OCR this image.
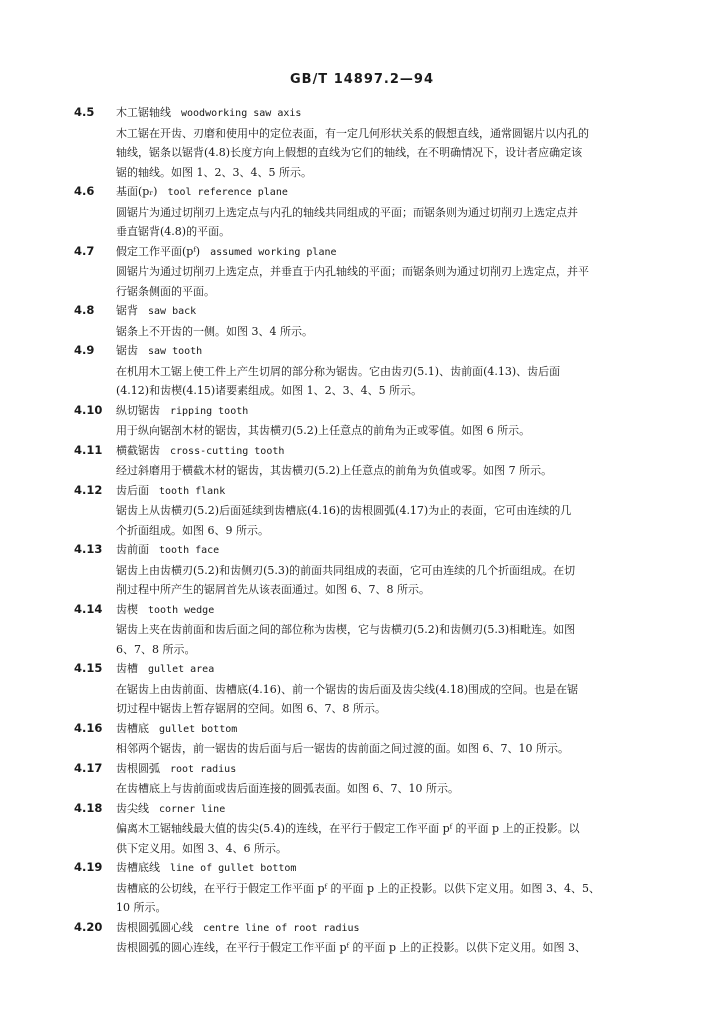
GB/T 14897.2—94
4.5	木工锯轴线 woodworking saw axis
木工锯在开齿、刃磨和使用中的定位表面，有一定几何形状关系的假想直线，通常圆锯片以内孔的
轴线，锯条以锯背(4.8)长度方向上假想的直线为它们的轴线，在不明确情况下，设计者应确定该
锯的轴线。如图 1、2、3、4、5 所示。
4.6	基面(pᵣ) tool reference plane
圆锯片为通过切削刃上选定点与内孔的轴线共同组成的平面；而锯条则为通过切削刃上选定点并
垂直锯背(4.8)的平面。
4.7	假定工作平面(pᶠ) assumed working plane
圆锯片为通过切削刃上选定点，并垂直于内孔轴线的平面；而锯条则为通过切削刃上选定点，并平
行锯条侧面的平面。
4.8	锯背 saw back
锯条上不开齿的一侧。如图 3、4 所示。
4.9	锯齿 saw tooth
在机用木工锯上使工件上产生切屑的部分称为锯齿。它由齿刃(5.1)、齿前面(4.13)、齿后面
(4.12)和齿楔(4.15)诸要素组成。如图 1、2、3、4、5 所示。
4.10	纵切锯齿 ripping tooth
用于纵向锯剖木材的锯齿，其齿横刃(5.2)上任意点的前角为正或零值。如图 6 所示。
4.11	横截锯齿 cross-cutting tooth
经过斜磨用于横截木材的锯齿，其齿横刃(5.2)上任意点的前角为负值或零。如图 7 所示。
4.12	齿后面 tooth flank
锯齿上从齿横刃(5.2)后面延续到齿槽底(4.16)的齿根圆弧(4.17)为止的表面，它可由连续的几
个折面组成。如图 6、9 所示。
4.13	齿前面 tooth face
锯齿上由齿横刃(5.2)和齿侧刃(5.3)的前面共同组成的表面，它可由连续的几个折面组成。在切
削过程中所产生的锯屑首先从该表面通过。如图 6、7、8 所示。
4.14	齿楔 tooth wedge
锯齿上夹在齿前面和齿后面之间的部位称为齿楔，它与齿横刃(5.2)和齿侧刃(5.3)相毗连。如图
6、7、8 所示。
4.15	齿槽 gullet area
在锯齿上由齿前面、齿槽底(4.16)、前一个锯齿的齿后面及齿尖线(4.18)围成的空间。也是在锯
切过程中锯齿上暂存锯屑的空间。如图 6、7、8 所示。
4.16	齿槽底 gullet bottom
相邻两个锯齿，前一锯齿的齿后面与后一锯齿的齿前面之间过渡的面。如图 6、7、10 所示。
4.17	齿根圆弧 root radius
在齿槽底上与齿前面或齿后面连接的圆弧表面。如图 6、7、10 所示。
4.18	齿尖线 corner line
偏离木工锯轴线最大值的齿尖(5.4)的连线，在平行于假定工作平面 pᶠ 的平面 p 上的正投影。以
供下定义用。如图 3、4、6 所示。
4.19	齿槽底线 line of gullet bottom
齿槽底的公切线，在平行于假定工作平面 pᶠ 的平面 p 上的正投影。以供下定义用。如图 3、4、5、
10 所示。
4.20	齿根圆弧圆心线 centre line of root radius
齿根圆弧的圆心连线，在平行于假定工作平面 pᶠ 的平面 p 上的正投影。以供下定义用。如图 3、
